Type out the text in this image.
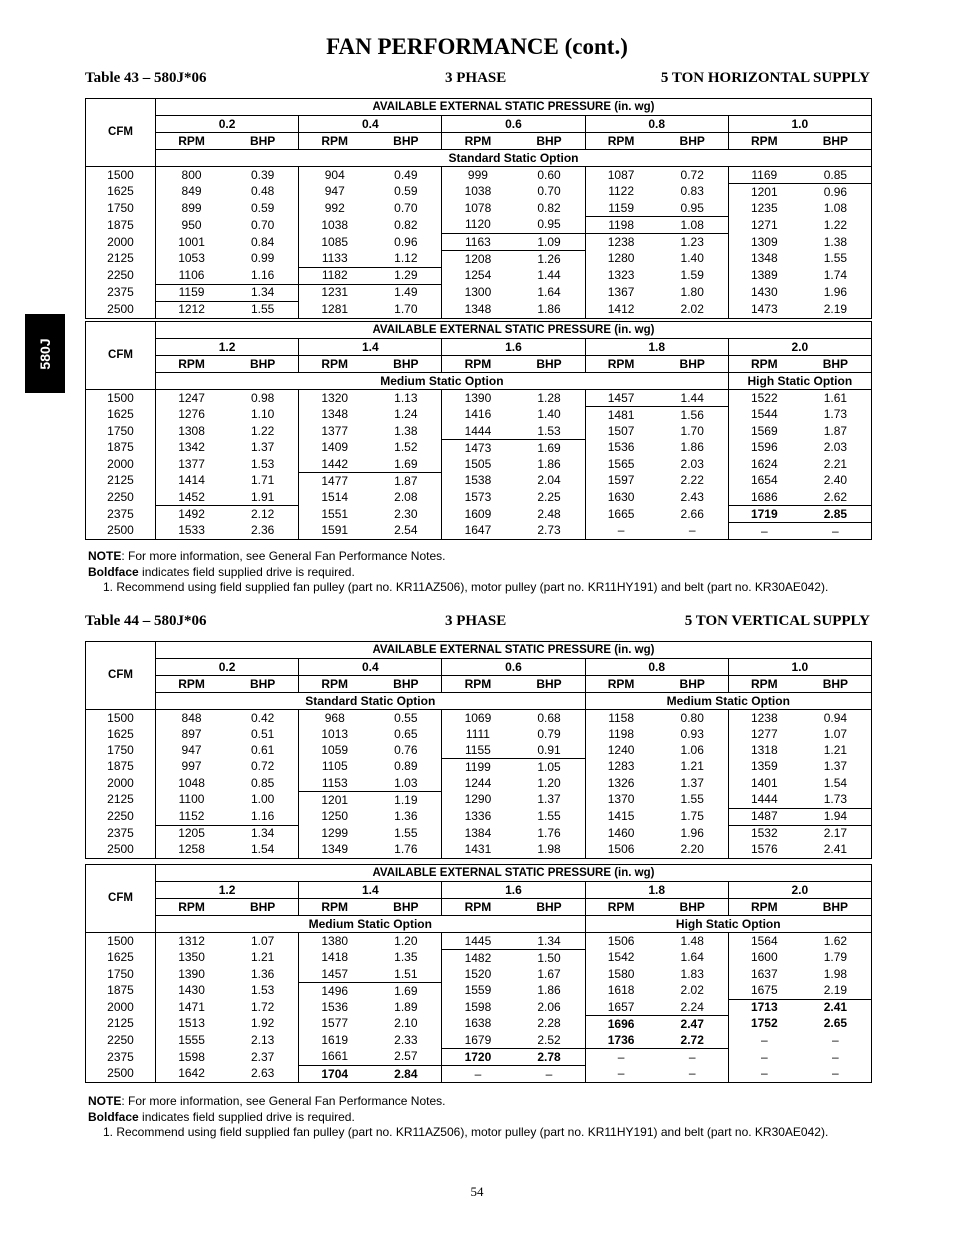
FAN PERFORMANCE (cont.)
Table 43 – 580J*06	3 PHASE	5 TON HORIZONTAL SUPPLY
580J
CFM	AVAILABLE EXTERNAL STATIC PRESSURE (in. wg)									
	0.2		0.4		0.6		0.8		1.0	
	RPM	BHP	RPM	BHP	RPM	BHP	RPM	BHP	RPM	BHP
	Standard Static Option									
1500	800	0.39	904	0.49	999	0.60	1087	0.72	1169	0.85
1625	849	0.48	947	0.59	1038	0.70	1122	0.83	1201	0.96
1750	899	0.59	992	0.70	1078	0.82	1159	0.95	1235	1.08
1875	950	0.70	1038	0.82	1120	0.95	1198	1.08	1271	1.22
2000	1001	0.84	1085	0.96	1163	1.09	1238	1.23	1309	1.38
2125	1053	0.99	1133	1.12	1208	1.26	1280	1.40	1348	1.55
2250	1106	1.16	1182	1.29	1254	1.44	1323	1.59	1389	1.74
2375	1159	1.34	1231	1.49	1300	1.64	1367	1.80	1430	1.96
2500	1212	1.55	1281	1.70	1348	1.86	1412	2.02	1473	2.19
CFM	AVAILABLE EXTERNAL STATIC PRESSURE (in. wg)									
	1.2		1.4		1.6		1.8		2.0	
	RPM	BHP	RPM	BHP	RPM	BHP	RPM	BHP	RPM	BHP
	Medium Static Option								High Static Option	
1500	1247	0.98	1320	1.13	1390	1.28	1457	1.44	1522	1.61
1625	1276	1.10	1348	1.24	1416	1.40	1481	1.56	1544	1.73
1750	1308	1.22	1377	1.38	1444	1.53	1507	1.70	1569	1.87
1875	1342	1.37	1409	1.52	1473	1.69	1536	1.86	1596	2.03
2000	1377	1.53	1442	1.69	1505	1.86	1565	2.03	1624	2.21
2125	1414	1.71	1477	1.87	1538	2.04	1597	2.22	1654	2.40
2250	1452	1.91	1514	2.08	1573	2.25	1630	2.43	1686	2.62
2375	1492	2.12	1551	2.30	1609	2.48	1665	2.66	1719	2.85
2500	1533	2.36	1591	2.54	1647	2.73	–	–	–	–
NOTE: For more information, see General Fan Performance Notes.
Boldface indicates field supplied drive is required.
1. Recommend using field supplied fan pulley (part no. KR11AZ506), motor pulley (part no. KR11HY191) and belt (part no. KR30AE042).
Table 44 – 580J*06	3 PHASE	5 TON VERTICAL SUPPLY
CFM	AVAILABLE EXTERNAL STATIC PRESSURE (in. wg)									
	0.2		0.4		0.6		0.8		1.0	
	RPM	BHP	RPM	BHP	RPM	BHP	RPM	BHP	RPM	BHP
	Standard Static Option						Medium Static Option			
1500	848	0.42	968	0.55	1069	0.68	1158	0.80	1238	0.94
1625	897	0.51	1013	0.65	1111	0.79	1198	0.93	1277	1.07
1750	947	0.61	1059	0.76	1155	0.91	1240	1.06	1318	1.21
1875	997	0.72	1105	0.89	1199	1.05	1283	1.21	1359	1.37
2000	1048	0.85	1153	1.03	1244	1.20	1326	1.37	1401	1.54
2125	1100	1.00	1201	1.19	1290	1.37	1370	1.55	1444	1.73
2250	1152	1.16	1250	1.36	1336	1.55	1415	1.75	1487	1.94
2375	1205	1.34	1299	1.55	1384	1.76	1460	1.96	1532	2.17
2500	1258	1.54	1349	1.76	1431	1.98	1506	2.20	1576	2.41
CFM	AVAILABLE EXTERNAL STATIC PRESSURE (in. wg)									
	1.2		1.4		1.6		1.8		2.0	
	RPM	BHP	RPM	BHP	RPM	BHP	RPM	BHP	RPM	BHP
	Medium Static Option						High Static Option			
1500	1312	1.07	1380	1.20	1445	1.34	1506	1.48	1564	1.62
1625	1350	1.21	1418	1.35	1482	1.50	1542	1.64	1600	1.79
1750	1390	1.36	1457	1.51	1520	1.67	1580	1.83	1637	1.98
1875	1430	1.53	1496	1.69	1559	1.86	1618	2.02	1675	2.19
2000	1471	1.72	1536	1.89	1598	2.06	1657	2.24	1713	2.41
2125	1513	1.92	1577	2.10	1638	2.28	1696	2.47	1752	2.65
2250	1555	2.13	1619	2.33	1679	2.52	1736	2.72	–	–
2375	1598	2.37	1661	2.57	1720	2.78	–	–	–	–
2500	1642	2.63	1704	2.84	–	–	–	–	–	–
NOTE: For more information, see General Fan Performance Notes.
Boldface indicates field supplied drive is required.
1. Recommend using field supplied fan pulley (part no. KR11AZ506), motor pulley (part no. KR11HY191) and belt (part no. KR30AE042).
54
